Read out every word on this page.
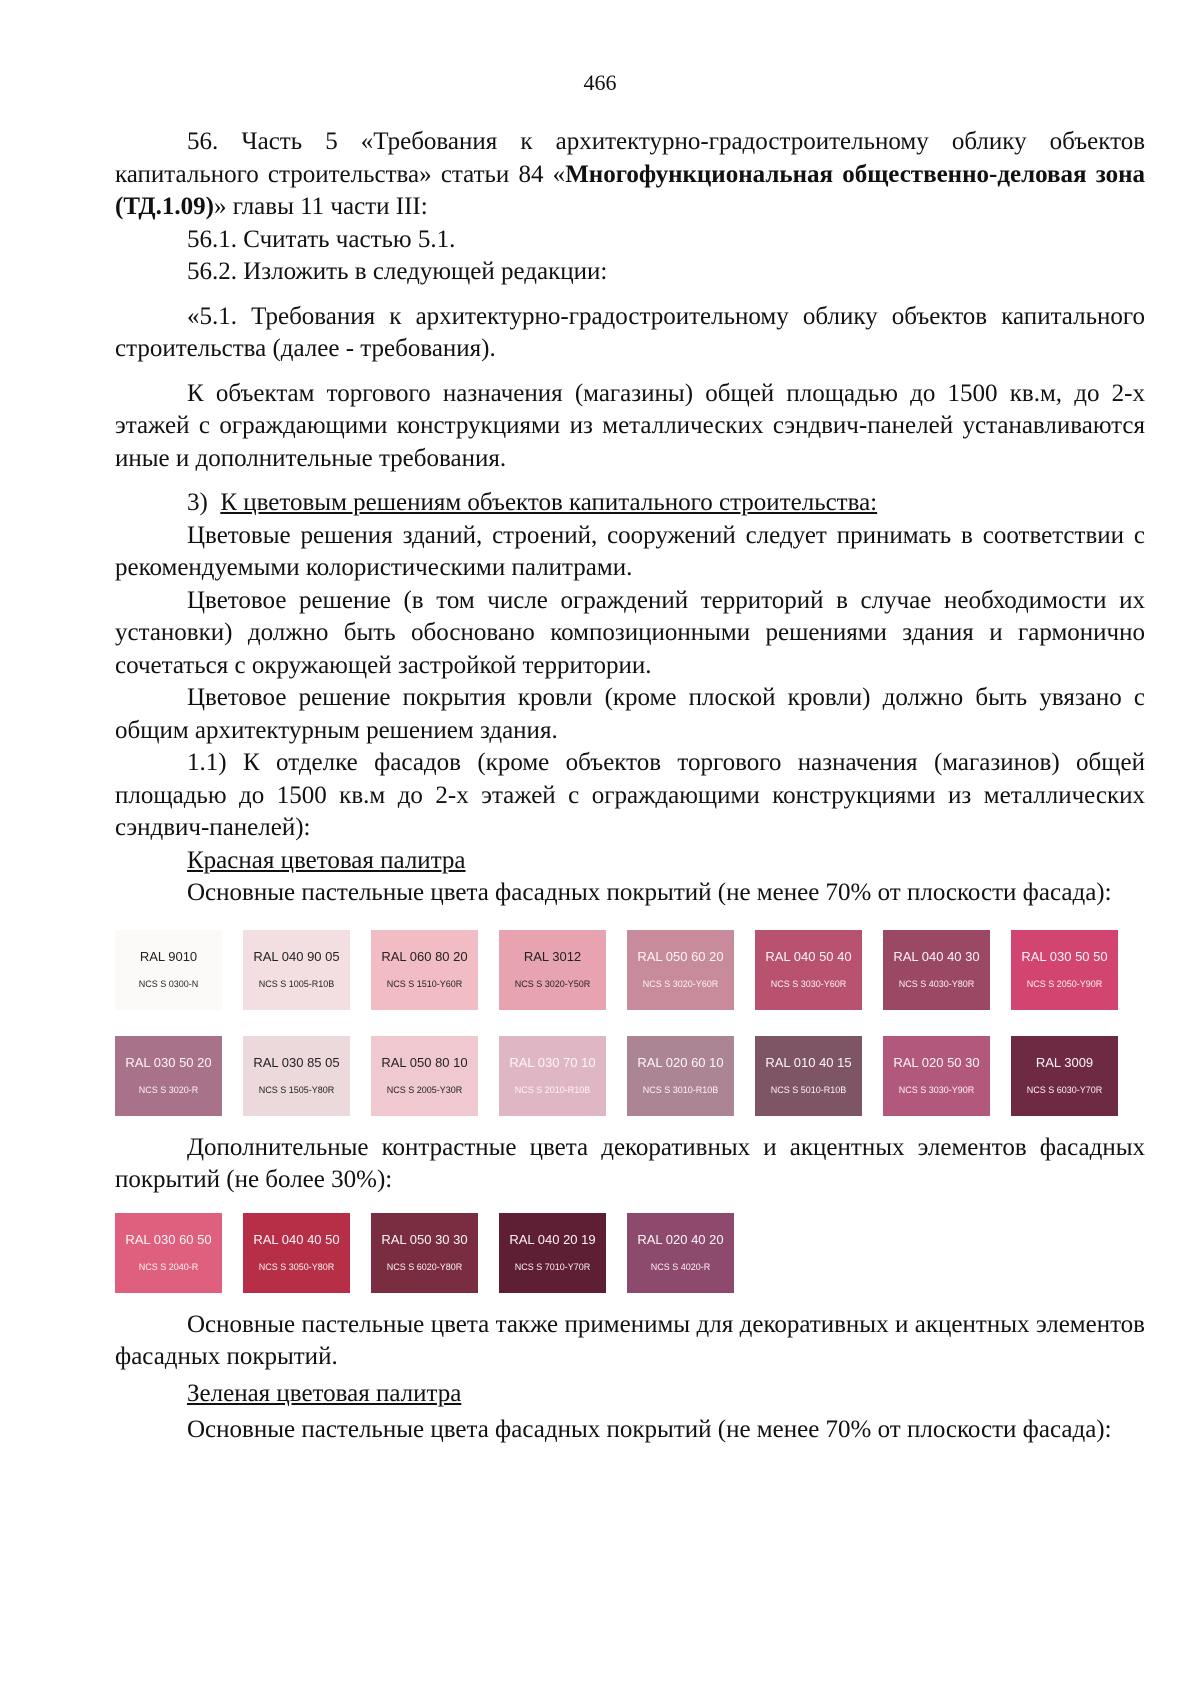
466

56. Часть 5 «Требования к архитектурно-градостроительному облику объектов капитального строительства» статьи 84 «Многофункциональная общественно-деловая зона (ТД.1.09)» главы 11 части III:

56.1. Считать частью 5.1.

56.2. Изложить в следующей редакции:

«5.1. Требования к архитектурно-градостроительному облику объектов капитального строительства (далее - требования).

К объектам торгового назначения (магазины) общей площадью до 1500 кв.м, до 2-х этажей с ограждающими конструкциями из металлических сэндвич-панелей устанавливаются иные и дополнительные требования.

3) К цветовым решениям объектов капитального строительства:

Цветовые решения зданий, строений, сооружений следует принимать в соответствии с рекомендуемыми колористическими палитрами.

Цветовое решение (в том числе ограждений территорий в случае необходимости их установки) должно быть обосновано композиционными решениями здания и гармонично сочетаться с окружающей застройкой территории.

Цветовое решение покрытия кровли (кроме плоской кровли) должно быть увязано с общим архитектурным решением здания.

1.1) К отделке фасадов (кроме объектов торгового назначения (магазинов) общей площадью до 1500 кв.м до 2-х этажей с ограждающими конструкциями из металлических сэндвич-панелей):

Красная цветовая палитра

Основные пастельные цвета фасадных покрытий (не менее 70% от плоскости фасада):

RAL 9010
NCS S 0300-N
RAL 040 90 05
NCS S 1005-R10B
RAL 060 80 20
NCS S 1510-Y60R
RAL 3012
NCS S 3020-Y50R
RAL 050 60 20
NCS S 3020-Y60R
RAL 040 50 40
NCS S 3030-Y60R
RAL 040 40 30
NCS S 4030-Y80R
RAL 030 50 50
NCS S 2050-Y90R
RAL 030 50 20
NCS S 3020-R
RAL 030 85 05
NCS S 1505-Y80R
RAL 050 80 10
NCS S 2005-Y30R
RAL 030 70 10
NCS S 2010-R10B
RAL 020 60 10
NCS S 3010-R10B
RAL 010 40 15
NCS S 5010-R10B
RAL 020 50 30
NCS S 3030-Y90R
RAL 3009
NCS S 6030-Y70R

Дополнительные контрастные цвета декоративных и акцентных элементов фасадных покрытий (не более 30%):

RAL 030 60 50
NCS S 2040-R
RAL 040 40 50
NCS S 3050-Y80R
RAL 050 30 30
NCS S 6020-Y80R
RAL 040 20 19
NCS S 7010-Y70R
RAL 020 40 20
NCS S 4020-R

Основные пастельные цвета также применимы для декоративных и акцентных элементов фасадных покрытий.

Зеленая цветовая палитра

Основные пастельные цвета фасадных покрытий (не менее 70% от плоскости фасада):
